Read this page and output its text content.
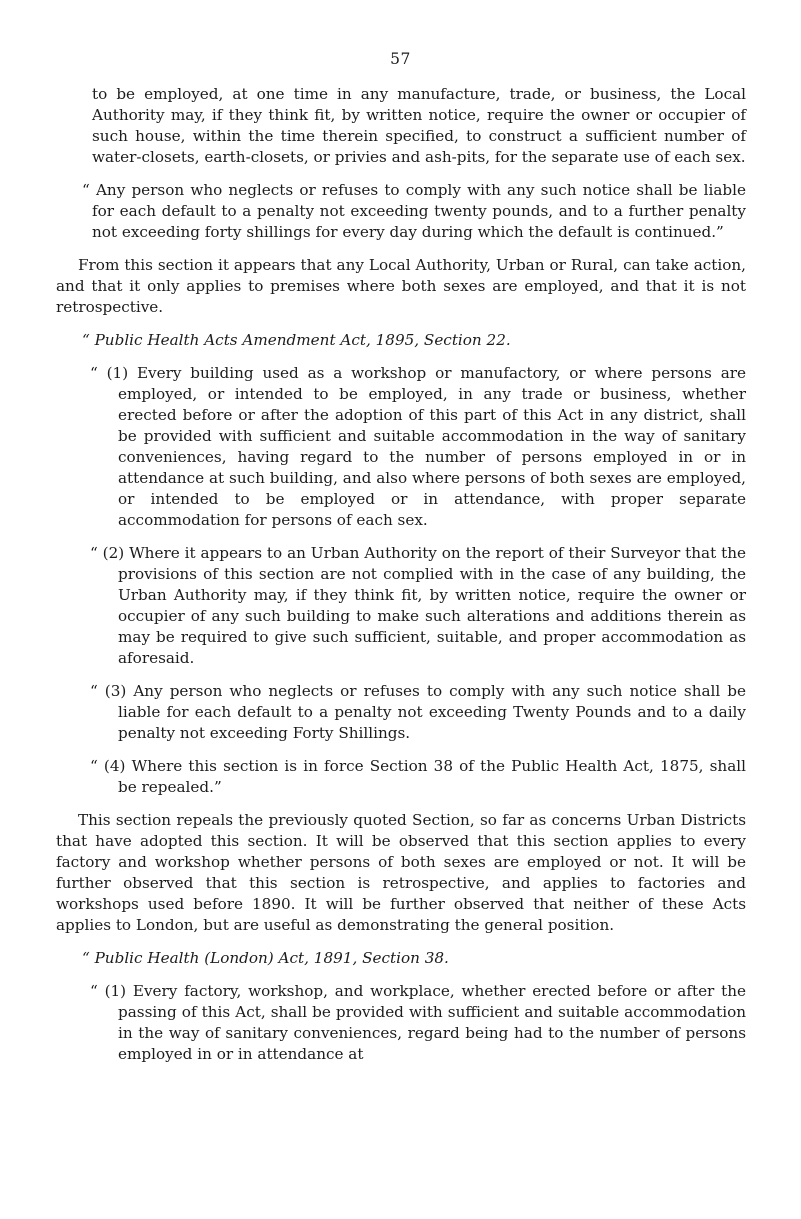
57

to be employed, at one time in any manufacture, trade, or business, the Local Authority may, if they think fit, by written notice, require the owner or occupier of such house, within the time therein specified, to construct a sufficient number of water-closets, earth-closets, or privies and ash-pits, for the separate use of each sex.

“ Any person who neglects or refuses to comply with any such notice shall be liable for each default to a penalty not exceeding twenty pounds, and to a further penalty not exceeding forty shillings for every day during which the default is continued.”

From this section it appears that any Local Authority, Urban or Rural, can take action, and that it only applies to premises where both sexes are employed, and that it is not retrospective.

“ Public Health Acts Amendment Act, 1895, Section 22.

“ (1) Every building used as a workshop or manufactory, or where persons are employed, or intended to be employed, in any trade or business, whether erected before or after the adoption of this part of this Act in any district, shall be provided with sufficient and suitable accommodation in the way of sanitary conveniences, having regard to the number of persons employed in or in attendance at such building, and also where persons of both sexes are employed, or intended to be employed or in attendance, with proper separate accommodation for persons of each sex.

“ (2) Where it appears to an Urban Authority on the report of their Surveyor that the provisions of this section are not complied with in the case of any building, the Urban Authority may, if they think fit, by written notice, require the owner or occupier of any such building to make such alterations and additions therein as may be required to give such sufficient, suitable, and proper accommodation as aforesaid.

“ (3) Any person who neglects or refuses to comply with any such notice shall be liable for each default to a penalty not exceeding Twenty Pounds and to a daily penalty not exceeding Forty Shillings.

“ (4) Where this section is in force Section 38 of the Public Health Act, 1875, shall be repealed.”

This section repeals the previously quoted Section, so far as concerns Urban Districts that have adopted this section. It will be observed that this section applies to every factory and workshop whether persons of both sexes are employed or not. It will be further observed that this section is retrospective, and applies to factories and workshops used before 1890. It will be further observed that neither of these Acts applies to London, but are useful as demonstrating the general position.

“ Public Health (London) Act, 1891, Section 38.

“ (1) Every factory, workshop, and workplace, whether erected before or after the passing of this Act, shall be provided with sufficient and suitable accommodation in the way of sanitary conveniences, regard being had to the number of persons employed in or in attendance at
